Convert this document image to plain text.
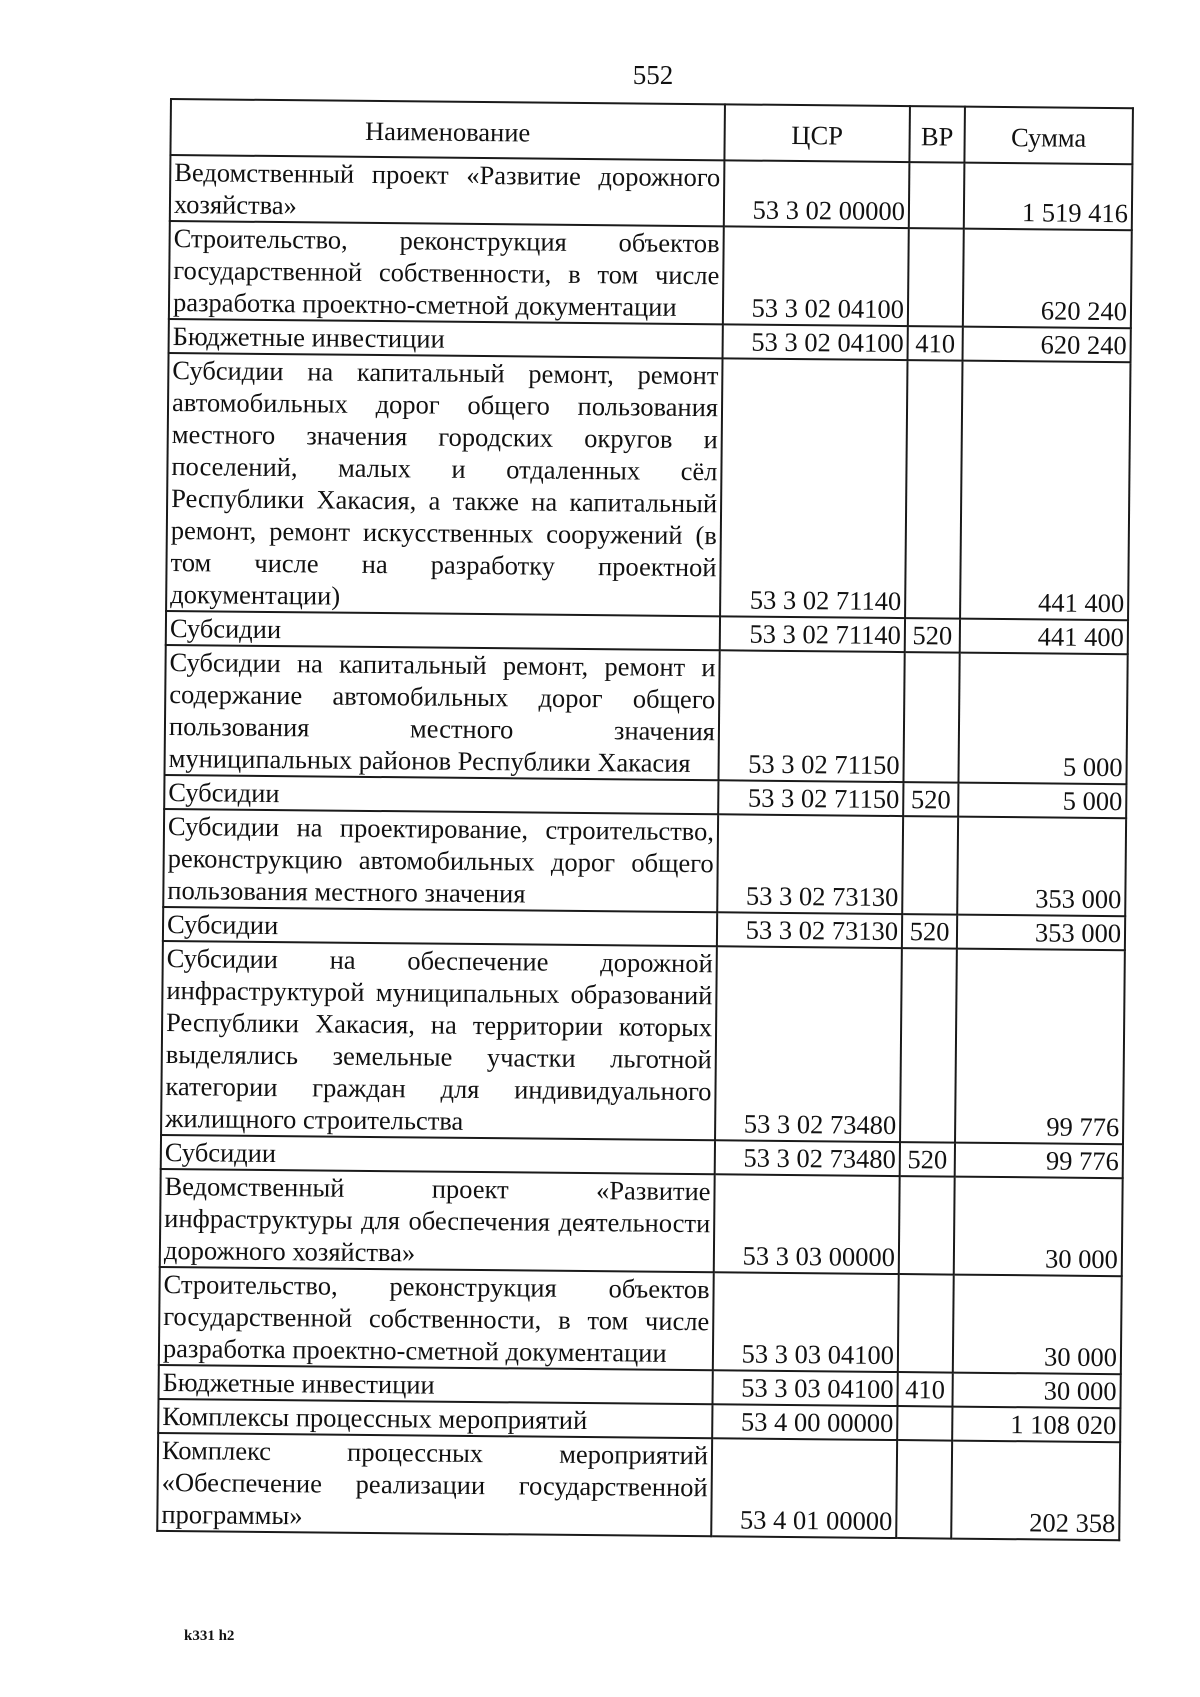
552
Наименование	ЦСР	ВР	Сумма
Ведомственный проект «Развитие дорожного хозяйства»	53 3 02 00000		1 519 416
Строительство, реконструкция объектов государственной собственности, в том числе разработка проектно-сметной документации	53 3 02 04100		620 240
Бюджетные инвестиции	53 3 02 04100	410	620 240
Субсидии на капитальный ремонт, ремонт автомобильных дорог общего пользования местного значения городских округов и поселений, малых и отдаленных сёл Республики Хакасия, а также на капитальный ремонт, ремонт искусственных сооружений (в том числе на разработку проектной документации)	53 3 02 71140		441 400
Субсидии	53 3 02 71140	520	441 400
Субсидии на капитальный ремонт, ремонт и содержание автомобильных дорог общего пользования местного значения муниципальных районов Республики Хакасия	53 3 02 71150		5 000
Субсидии	53 3 02 71150	520	5 000
Субсидии на проектирование, строительство, реконструкцию автомобильных дорог общего пользования местного значения	53 3 02 73130		353 000
Субсидии	53 3 02 73130	520	353 000
Субсидии на обеспечение дорожной инфраструктурой муниципальных образований Республики Хакасия, на территории которых выделялись земельные участки льготной категории граждан для индивидуального жилищного строительства	53 3 02 73480		99 776
Субсидии	53 3 02 73480	520	99 776
Ведомственный проект «Развитие инфраструктуры для обеспечения деятельности дорожного хозяйства»	53 3 03 00000		30 000
Строительство, реконструкция объектов государственной собственности, в том числе разработка проектно-сметной документации	53 3 03 04100		30 000
Бюджетные инвестиции	53 3 03 04100	410	30 000
Комплексы процессных мероприятий	53 4 00 00000		1 108 020
Комплекс процессных мероприятий «Обеспечение реализации государственной программы»	53 4 01 00000		202 358
k331 h2
